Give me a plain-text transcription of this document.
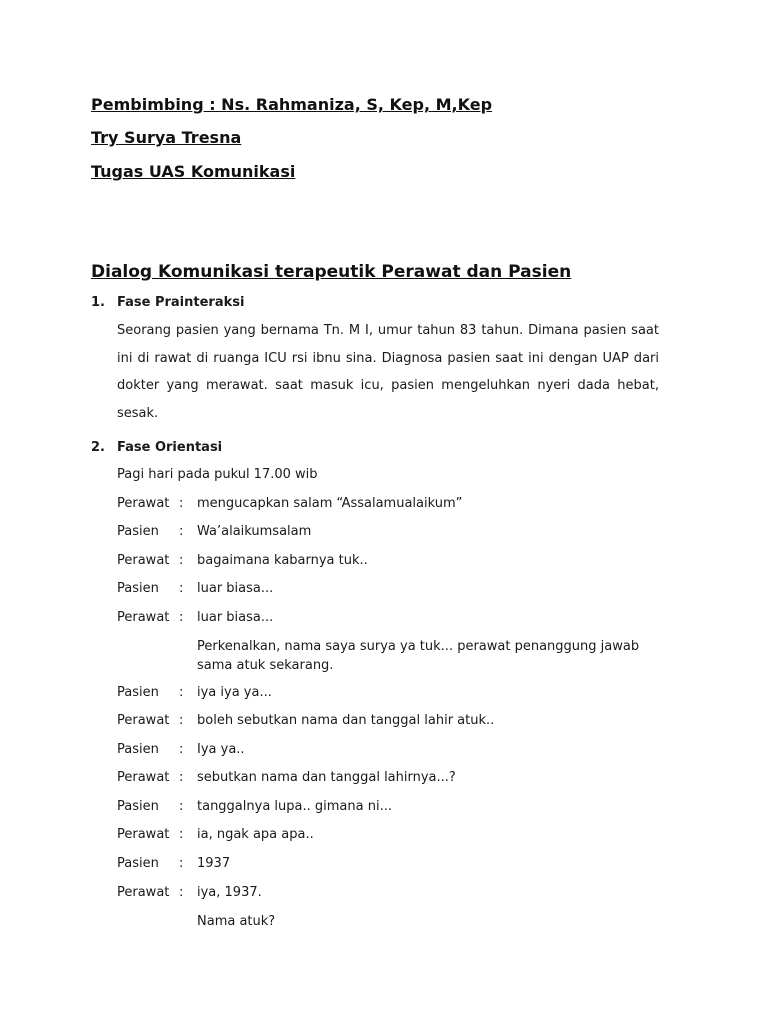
Pembimbing : Ns. Rahmaniza, S, Kep, M,Kep
Try Surya Tresna
Tugas UAS Komunikasi
Dialog Komunikasi terapeutik Perawat dan Pasien
1. Fase Prainteraksi
Seorang pasien yang bernama Tn. M I, umur tahun 83 tahun. Dimana pasien saat ini di rawat di ruanga ICU rsi ibnu sina. Diagnosa pasien saat ini dengan UAP dari dokter yang merawat. saat masuk icu, pasien mengeluhkan nyeri dada hebat, sesak.
2. Fase Orientasi
Pagi hari pada pukul 17.00 wib
Perawat : mengucapkan salam “Assalamualaikum”
Pasien : Wa’alaikumsalam
Perawat : bagaimana kabarnya tuk..
Pasien : luar biasa...
Perawat : luar biasa...
Perkenalkan, nama saya surya ya tuk... perawat penanggung jawab sama atuk sekarang.
Pasien : iya iya ya...
Perawat : boleh sebutkan nama dan tanggal lahir atuk..
Pasien : Iya ya..
Perawat : sebutkan nama dan tanggal lahirnya...?
Pasien : tanggalnya lupa.. gimana ni...
Perawat : ia, ngak apa apa..
Pasien : 1937
Perawat : iya, 1937.
Nama atuk?
